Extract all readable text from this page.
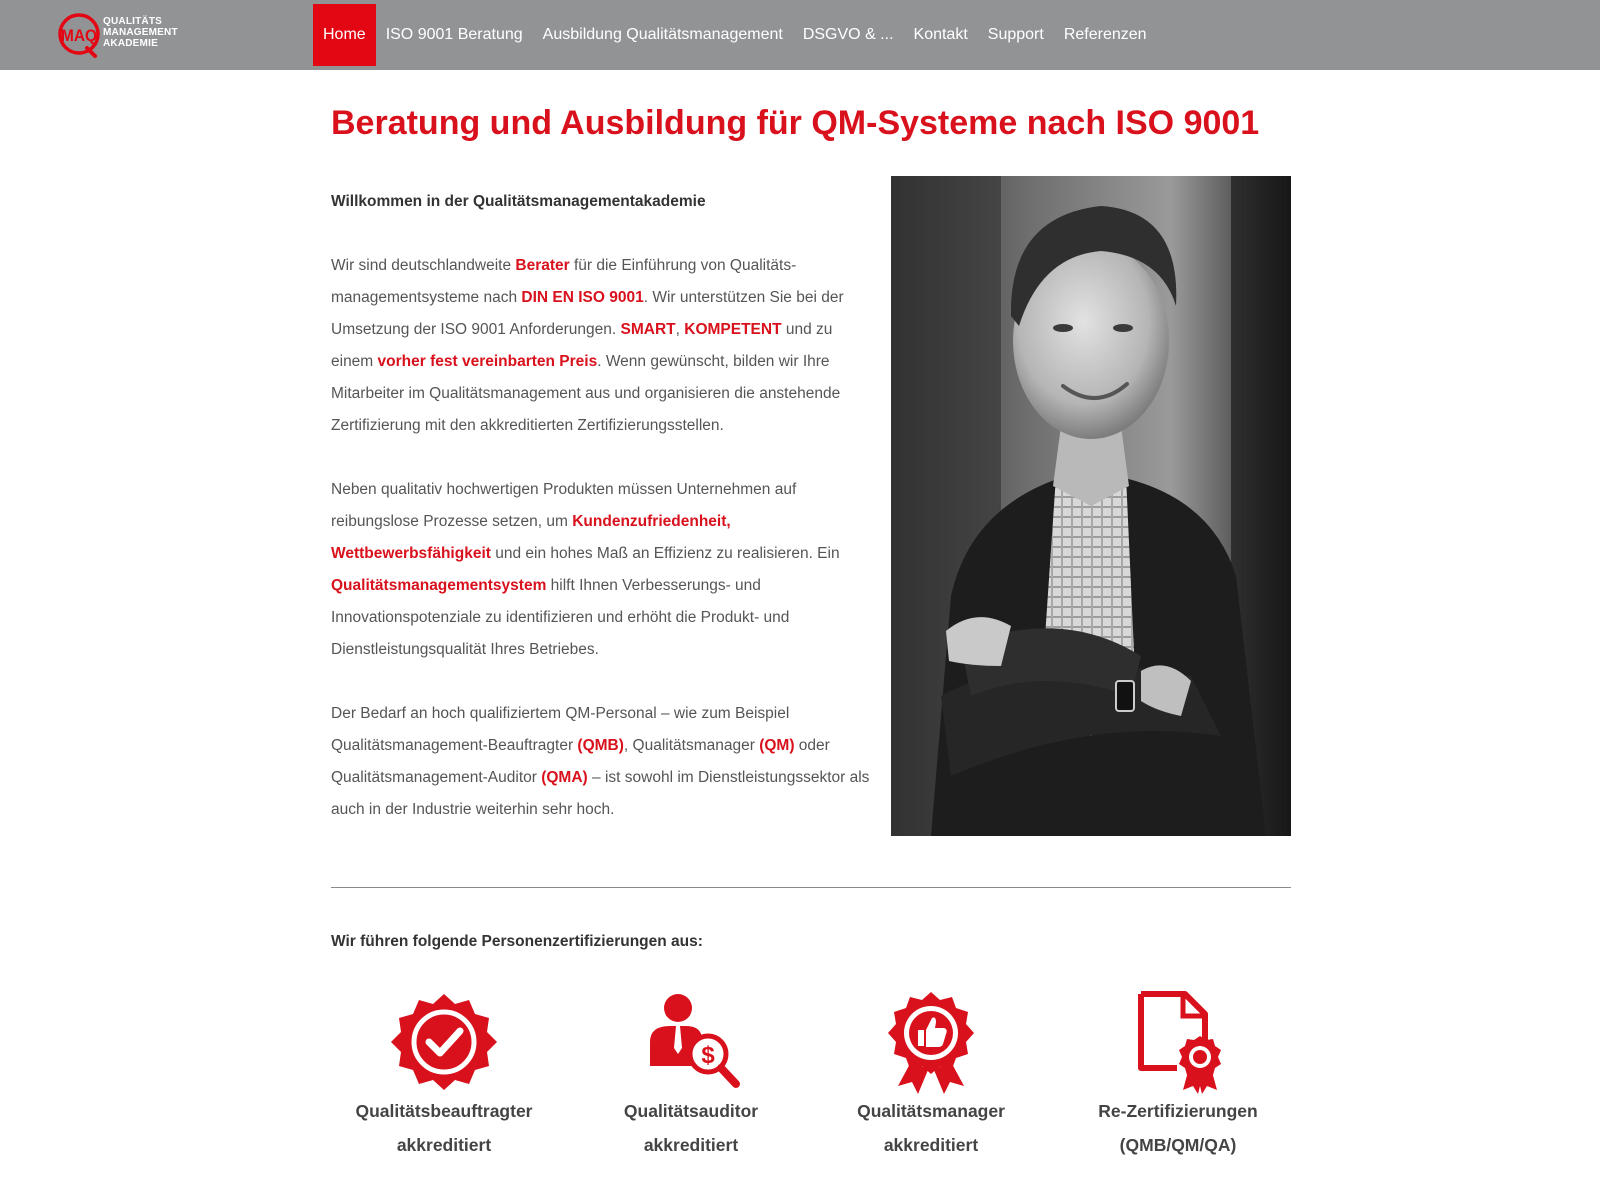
MAQ
QUALITÄTS
MANAGEMENT
AKADEMIE
Home	ISO 9001 Beratung	Ausbildung Qualitätsmanagement	DSGVO & ...	Kontakt	Support	Referenzen
Beratung und Ausbildung für QM-Systeme nach ISO 9001

Willkommen in der Qualitätsmanagementakademie

Wir sind deutschlandweite Berater für die Einführung von Qualitäts-managementsysteme nach DIN EN ISO 9001. Wir unterstützen Sie bei der Umsetzung der ISO 9001 Anforderungen. SMART, KOMPETENT und zu einem vorher fest vereinbarten Preis. Wenn gewünscht, bilden wir Ihre Mitarbeiter im Qualitätsmanagement aus und organisieren die anstehende Zertifizierung mit den akkreditierten Zertifizierungsstellen.

Neben qualitativ hochwertigen Produkten müssen Unternehmen auf reibungslose Prozesse setzen, um Kundenzufriedenheit, Wettbewerbsfähigkeit und ein hohes Maß an Effizienz zu realisieren. Ein Qualitätsmanagementsystem hilft Ihnen Verbesserungs- und Innovationspotenziale zu identifizieren und erhöht die Produkt- und Dienstleistungsqualität Ihres Betriebes.

Der Bedarf an hoch qualifiziertem QM-Personal – wie zum Beispiel Qualitätsmanagement-Beauftragter (QMB), Qualitätsmanager (QM) oder Qualitätsmanagement-Auditor (QMA) – ist sowohl im Dienstleistungssektor als auch in der Industrie weiterhin sehr hoch.

Wir führen folgende Personenzertifizierungen aus:
Qualitätsbeauftragter
akkreditiert
$
Qualitätsauditor
akkreditiert
Qualitätsmanager
akkreditiert
Re-Zertifizierungen
(QMB/QM/QA)
